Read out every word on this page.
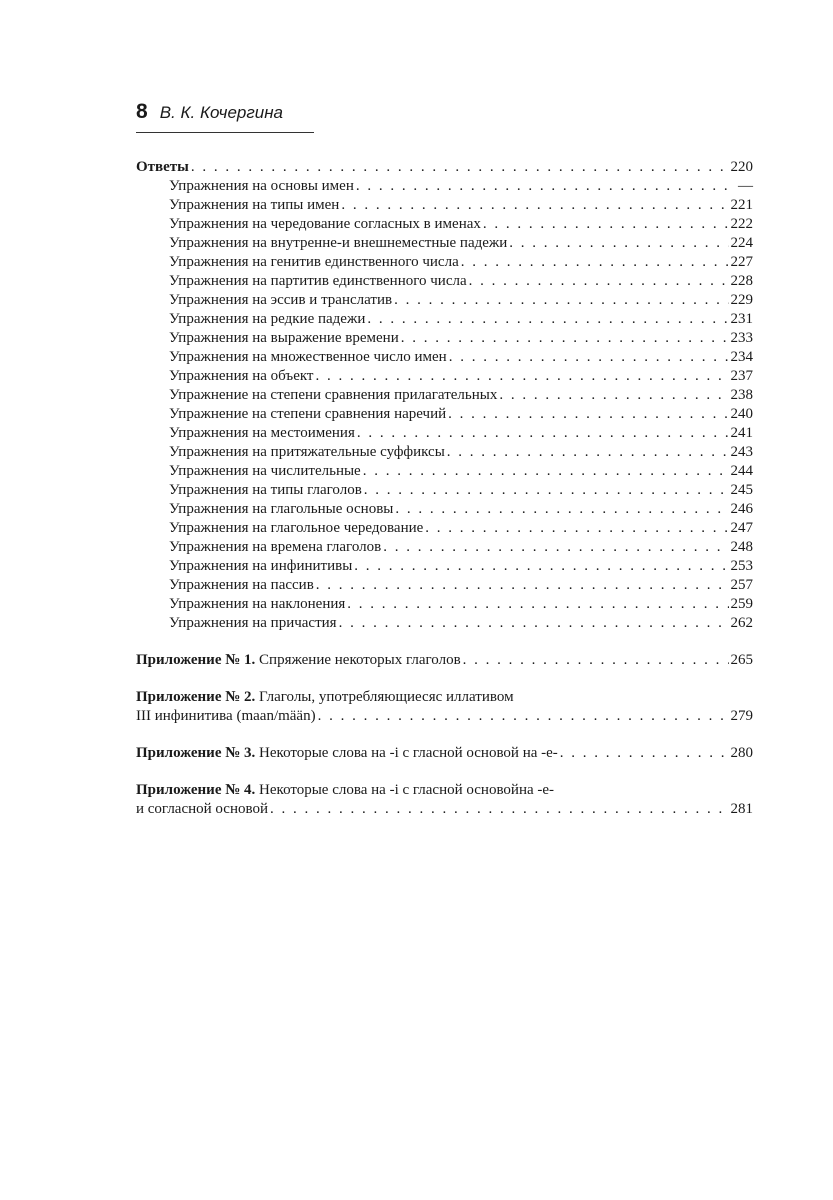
8 В. К. Кочергина
Ответы . . .	220
Упражнения на основы имен . . .	—
Упражнения на типы имен . . .	221
Упражнения на чередование согласных в именах . . .	222
Упражнения на внутренне-и внешнеместные падежи . . .	224
Упражнения на генитив единственного числа . . .	227
Упражнения на партитив единственного числа . . .	228
Упражнения на эссив и транслатив . . .	229
Упражнения на редкие падежи . . .	231
Упражнения на выражение времени . . .	233
Упражнения на множественное число имен . . .	234
Упражнения на объект . . .	237
Упражнение на степени сравнения прилагательных . . .	238
Упражнение на степени сравнения наречий . . .	240
Упражнения на местоимения . . .	241
Упражнения на притяжательные суффиксы . . .	243
Упражнения на числительные . . .	244
Упражнения на типы глаголов . . .	245
Упражнения на глагольные основы . . .	246
Упражнения на глагольное чередование . . .	247
Упражнения на времена глаголов . . .	248
Упражнения на инфинитивы . . .	253
Упражнения на пассив . . .	257
Упражнения на наклонения . . .	259
Упражнения на причастия . . .	262
Приложение № 1. Спряжение некоторых глаголов . . .	265
Приложение № 2. Глаголы, употребляющиесяс иллативом
III инфинитива (maan/mään) . . .	279
Приложение № 3. Некоторые слова на -i с гласной основой на -e- . . .	280
Приложение № 4. Некоторые слова на -i с гласной основойна -e-
и согласной основой . . .	281
